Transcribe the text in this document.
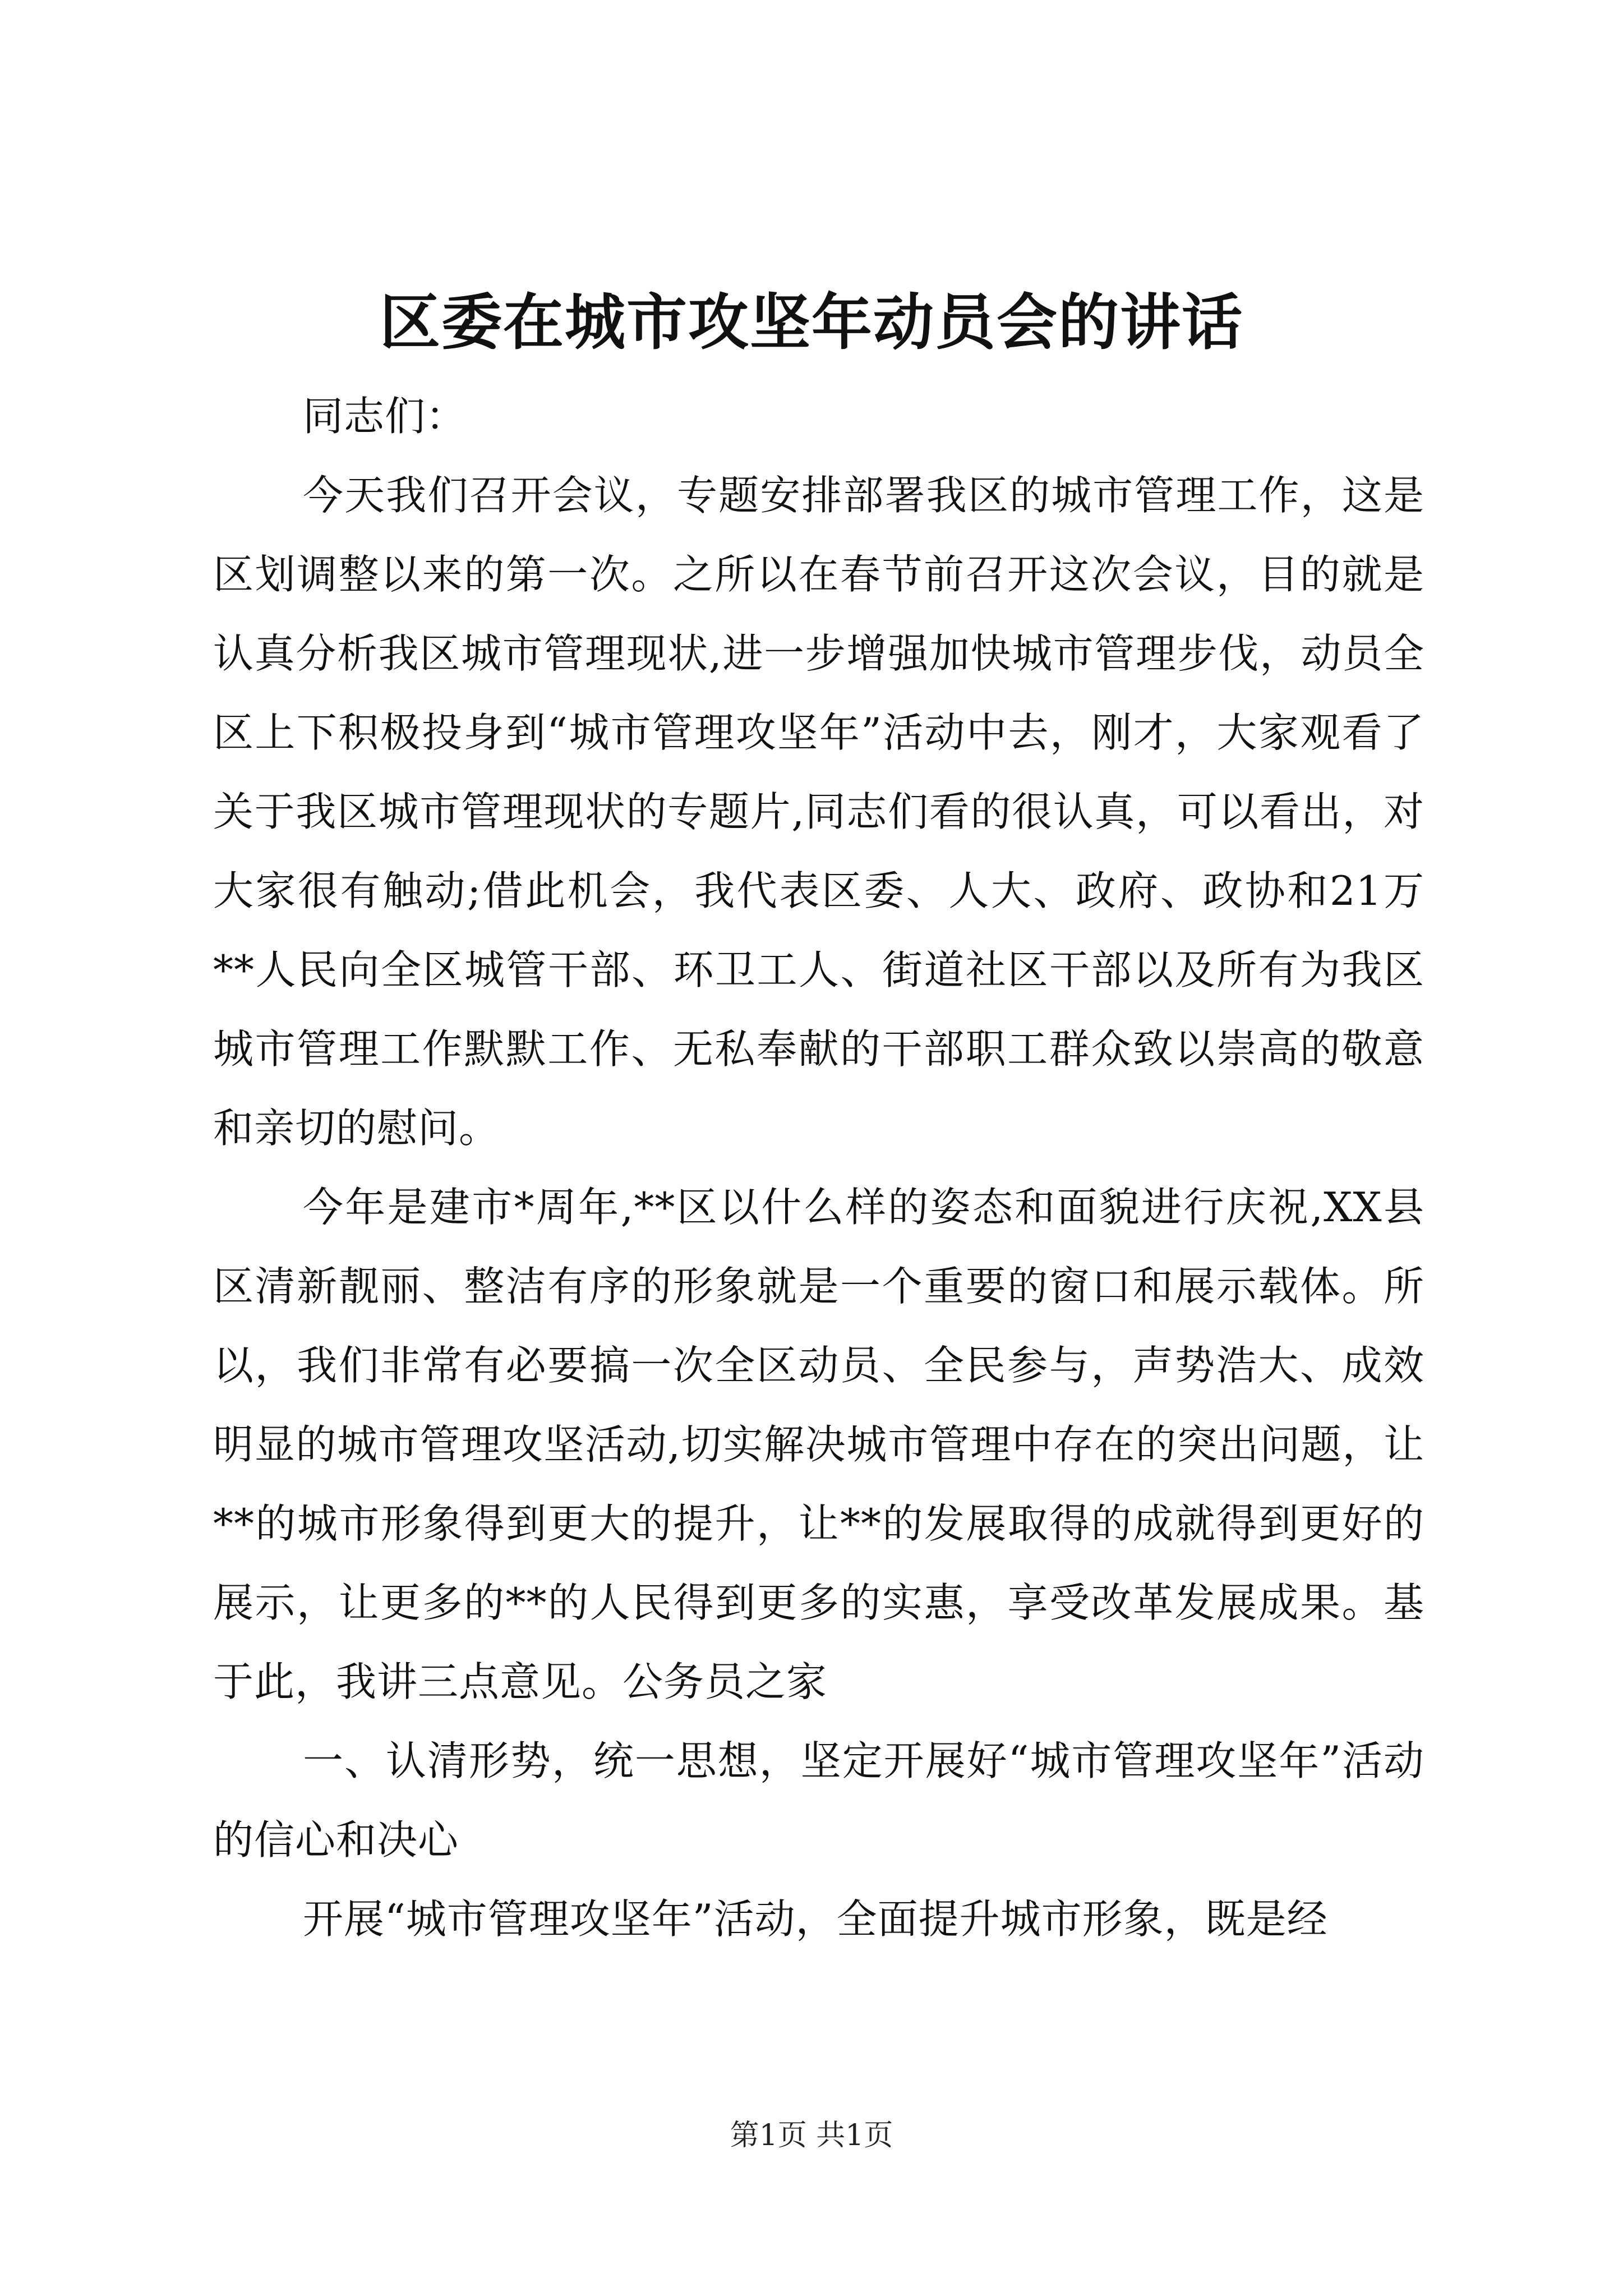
区委在城市攻坚年动员会的讲话

同志们：

今天我们召开会议，专题安排部署我区的城市管理工作，这是区划调整以来的第一次。之所以在春节前召开这次会议，目的就是认真分析我区城市管理现状,进一步增强加快城市管理步伐，动员全区上下积极投身到“城市管理攻坚年”活动中去，刚才，大家观看了关于我区城市管理现状的专题片,同志们看的很认真，可以看出，对大家很有触动;借此机会，我代表区委、人大、政府、政协和21万**人民向全区城管干部、环卫工人、街道社区干部以及所有为我区城市管理工作默默工作、无私奉献的干部职工群众致以崇高的敬意和亲切的慰问。

今年是建市*周年,**区以什么样的姿态和面貌进行庆祝,XX县区清新靓丽、整洁有序的形象就是一个重要的窗口和展示载体。所以，我们非常有必要搞一次全区动员、全民参与，声势浩大、成效明显的城市管理攻坚活动,切实解决城市管理中存在的突出问题，让**的城市形象得到更大的提升，让**的发展取得的成就得到更好的展示，让更多的**的人民得到更多的实惠，享受改革发展成果。基于此，我讲三点意见。公务员之家

一、认清形势，统一思想，坚定开展好“城市管理攻坚年”活动的信心和决心

开展“城市管理攻坚年”活动，全面提升城市形象，既是经

第1页 共1页
